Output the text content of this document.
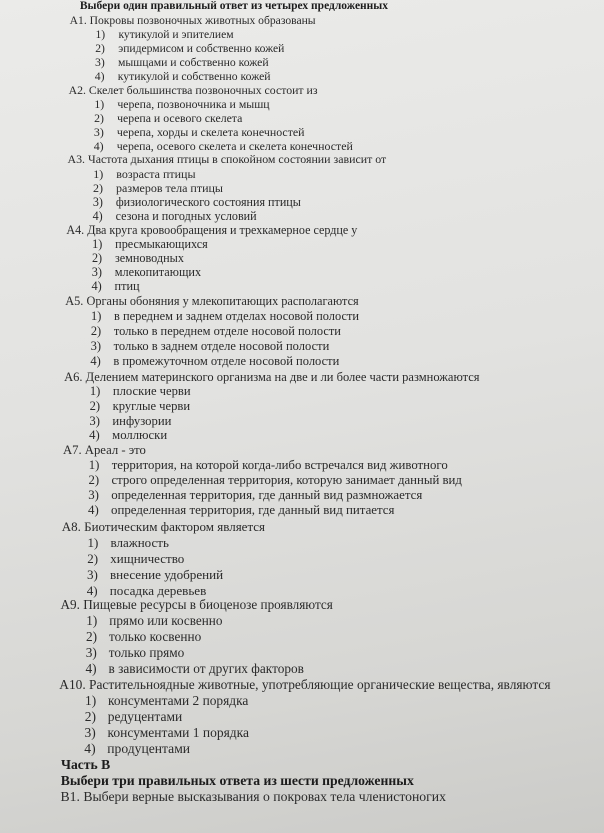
Выбери один правильный ответ из четырех предложенных
А1. Покровы позвоночных животных образованы
1) кутикулой и эпителием
2) эпидермисом и собственно кожей
3) мышцами и собственно кожей
4) кутикулой и собственно кожей
А2. Скелет большинства позвоночных состоит из
1) черепа, позвоночника и мышц
2) черепа и осевого скелета
3) черепа, хорды и скелета конечностей
4) черепа, осевого скелета и скелета конечностей
А3. Частота дыхания птицы в спокойном состоянии зависит от
1) возраста птицы
2) размеров тела птицы
3) физиологического состояния птицы
4) сезона и погодных условий
А4. Два круга кровообращения и трехкамерное сердце у
1) пресмыкающихся
2) земноводных
3) млекопитающих
4) птиц
А5. Органы обоняния у млекопитающих располагаются
1) в переднем и заднем отделах носовой полости
2) только в переднем отделе носовой полости
3) только в заднем отделе носовой полости
4) в промежуточном отделе носовой полости
А6. Делением материнского организма на две и ли более части размножаются
1) плоские черви
2) круглые черви
3) инфузории
4) моллюски
А7. Ареал - это
1) территория, на которой когда-либо встречался вид животного
2) строго определенная территория, которую занимает данный вид
3) определенная территория, где данный вид размножается
4) определенная территория, где данный вид питается
А8. Биотическим фактором является
1) влажность
2) хищничество
3) внесение удобрений
4) посадка деревьев
А9. Пищевые ресурсы в биоценозе проявляются
1) прямо или косвенно
2) только косвенно
3) только прямо
4) в зависимости от других факторов
А10. Растительноядные животные, употребляющие органические вещества, являются
1) консументами 2 порядка
2) редуцентами
3) консументами 1 порядка
4) продуцентами
Часть В
Выбери три правильных ответа из шести предложенных
В1. Выбери верные высказывания о покровах тела членистоногих
